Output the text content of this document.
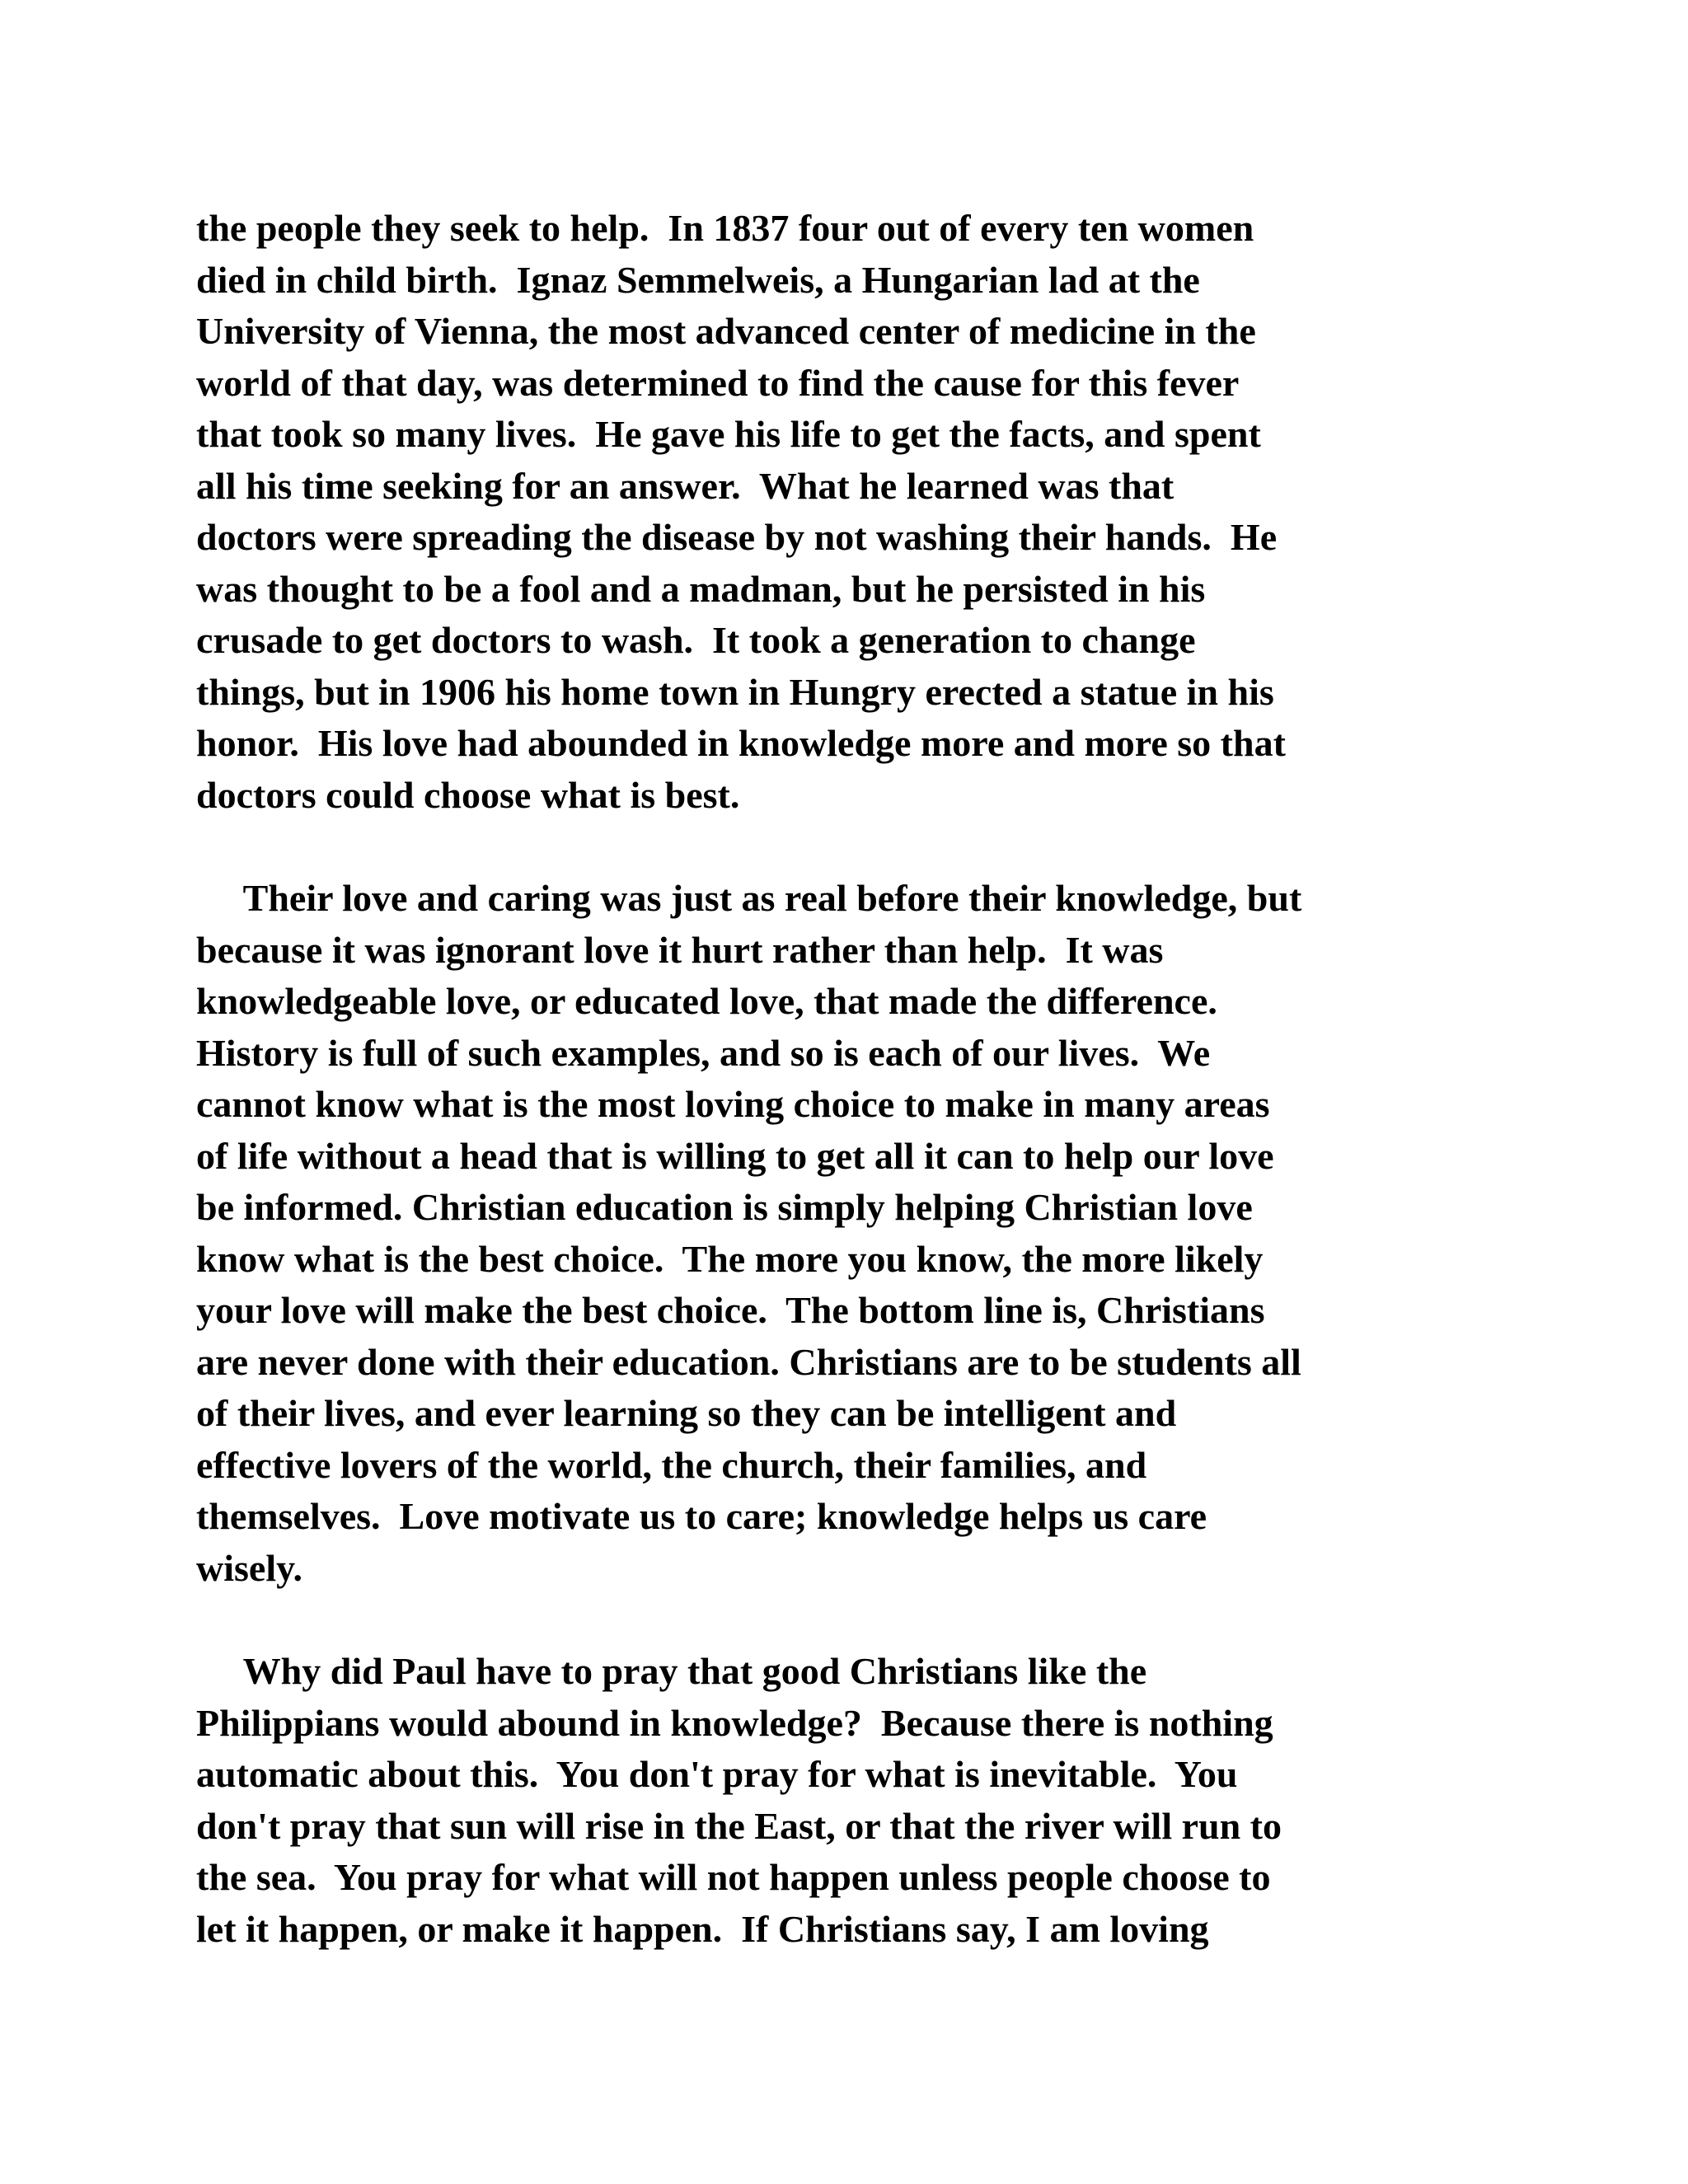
the people they seek to help.  In 1837 four out of every ten women
died in child birth.  Ignaz Semmelweis, a Hungarian lad at the
University of Vienna, the most advanced center of medicine in the
world of that day, was determined to find the cause for this fever
that took so many lives.  He gave his life to get the facts, and spent
all his time seeking for an answer.  What he learned was that
doctors were spreading the disease by not washing their hands.  He
was thought to be a fool and a madman, but he persisted in his
crusade to get doctors to wash.  It took a generation to change
things, but in 1906 his home town in Hungry erected a statue in his
honor.  His love had abounded in knowledge more and more so that
doctors could choose what is best.

Their love and caring was just as real before their knowledge, but
because it was ignorant love it hurt rather than help.  It was
knowledgeable love, or educated love, that made the difference.
History is full of such examples, and so is each of our lives.  We
cannot know what is the most loving choice to make in many areas
of life without a head that is willing to get all it can to help our love
be informed. Christian education is simply helping Christian love
know what is the best choice.  The more you know, the more likely
your love will make the best choice.  The bottom line is, Christians
are never done with their education. Christians are to be students all
of their lives, and ever learning so they can be intelligent and
effective lovers of the world, the church, their families, and
themselves.  Love motivate us to care; knowledge helps us care
wisely.

Why did Paul have to pray that good Christians like the
Philippians would abound in knowledge?  Because there is nothing
automatic about this.  You don't pray for what is inevitable.  You
don't pray that sun will rise in the East, or that the river will run to
the sea.  You pray for what will not happen unless people choose to
let it happen, or make it happen.  If Christians say, I am loving
